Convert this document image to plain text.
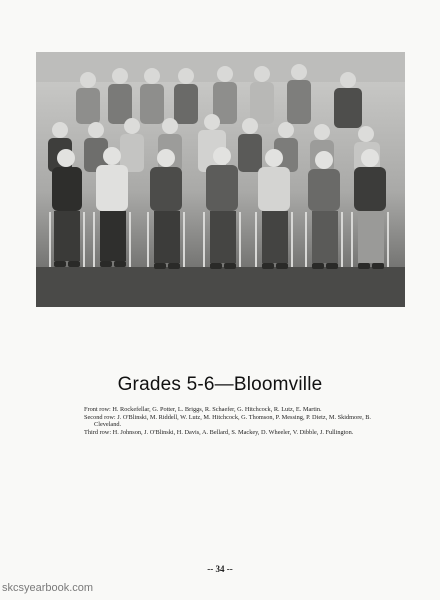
Grades 5-6—Bloomville

Front row: H. Rockefellar, G. Potter, L. Briggs, R. Schaefer, G. Hitchcock, R. Lutz, E. Martin.

Second row: J. O'Blinski, M. Riddell, W. Lutz, M. Hitchcock, G. Thomson, P. Messing, P. Dietz, M. Skidmore, B. Cleveland.

Third row: H. Johnson, J. O'Blinski, H. Davis, A. Bellard, S. Mackey, D. Wheeler, V. Dibble, J. Fullington.

-- 34 --
skcsyearbook.com
